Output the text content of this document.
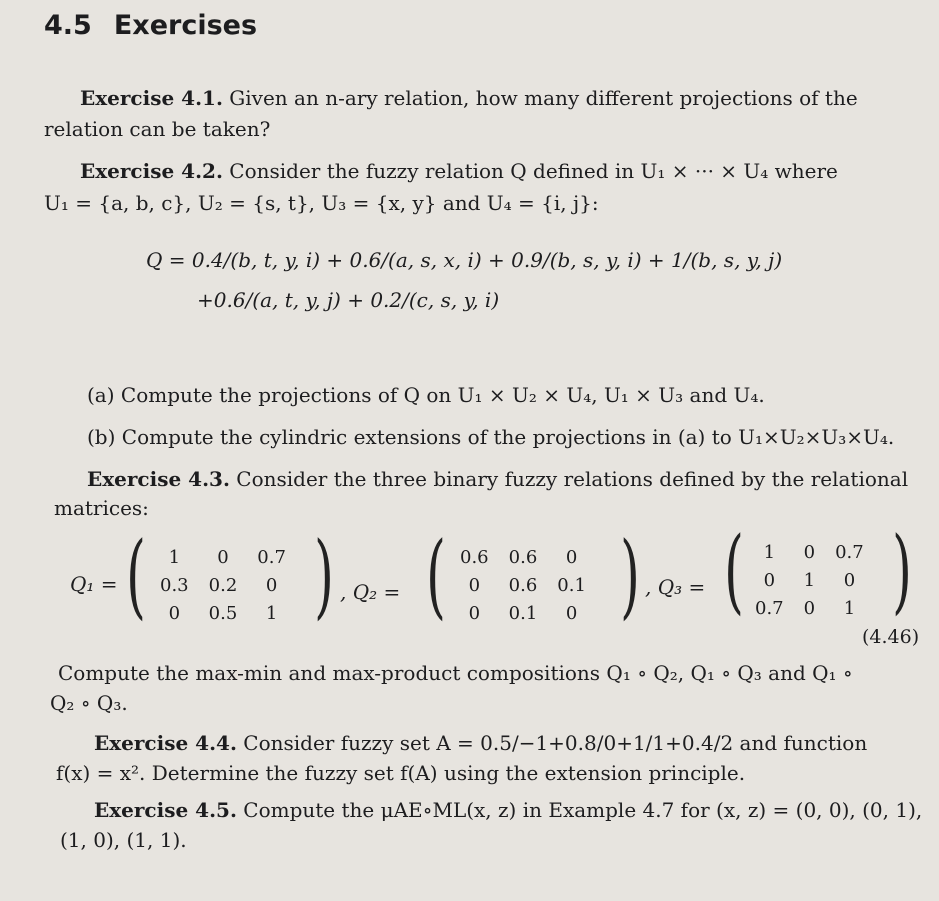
4.5 Exercises
Exercise 4.1. Given an n-ary relation, how many different projections of the
relation can be taken?
Exercise 4.2. Consider the fuzzy relation Q defined in U₁ × ··· × U₄ where
U₁ = {a, b, c}, U₂ = {s, t}, U₃ = {x, y} and U₄ = {i, j}:
Q = 0.4/(b, t, y, i) + 0.6/(a, s, x, i) + 0.9/(b, s, y, i) + 1/(b, s, y, j)
+0.6/(a, t, y, j) + 0.2/(c, s, y, i)
(a) Compute the projections of Q on U₁ × U₂ × U₄, U₁ × U₃ and U₄.
(b) Compute the cylindric extensions of the projections in (a) to U₁×U₂×U₃×U₄.
Exercise 4.3. Consider the three binary fuzzy relations defined by the relational
matrices:
Q₁ = ( 1	0	0.7
0.3	0.2	0
0	0.5	1 ) , Q₂ = ( 0.6	0.6	0
0	0.6	0.1
0	0.1	0 ) , Q₃ = ( 1	0	0.7
0	1	0
0.7	0	1 )
(4.46)
Compute the max-min and max-product compositions Q₁ ∘ Q₂, Q₁ ∘ Q₃ and Q₁ ∘
Q₂ ∘ Q₃.
Exercise 4.4. Consider fuzzy set A = 0.5/−1+0.8/0+1/1+0.4/2 and function
f(x) = x². Determine the fuzzy set f(A) using the extension principle.
Exercise 4.5. Compute the μAE∘ML(x, z) in Example 4.7 for (x, z) = (0, 0), (0, 1),
(1, 0), (1, 1).
